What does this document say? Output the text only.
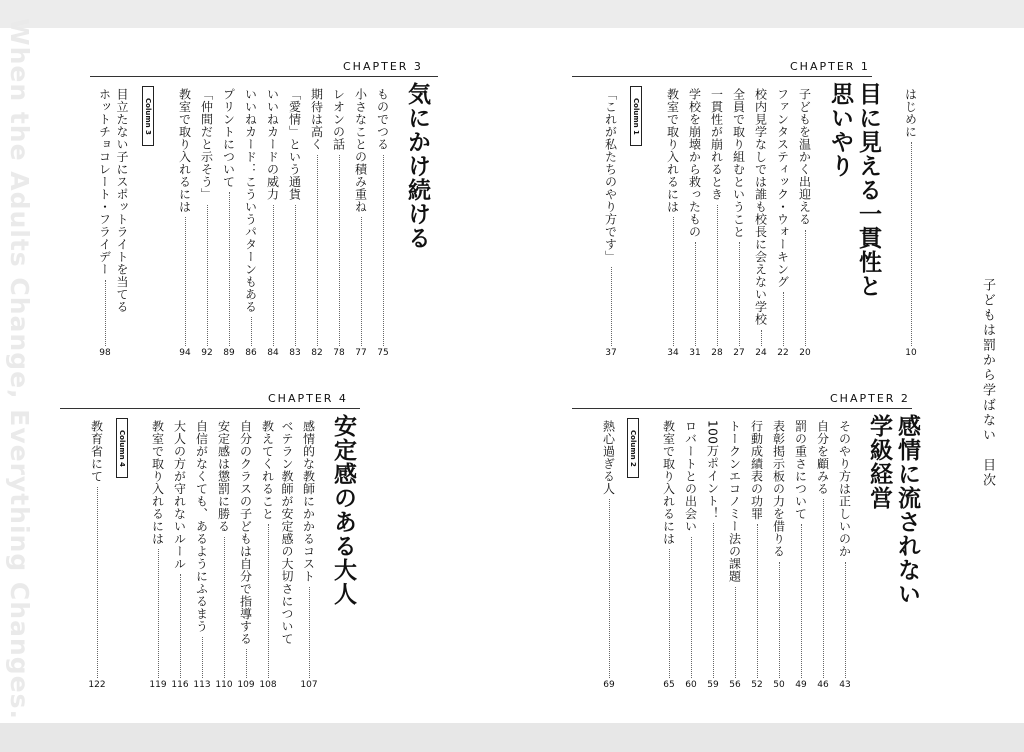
When the Adults Change, Everything Changes.	子どもは罰から学ばない　目次
CHAPTER 1
CHAPTER 3
CHAPTER 2
CHAPTER 4
はじめに
10
目に見える一貫性と
思いやり
子どもを温かく出迎える
20
ファンタスティック・ウォーキング
22
校内見学なしでは誰も校長に会えない学校
24
全員で取り組むということ
27
一貫性が崩れるとき
28
学校を崩壊から救ったもの
31
教室で取り入れるには
34
Column 1
「これが私たちのやり方です」
37
気にかけ続ける
ものでつる
75
小さなことの積み重ね
77
レオンの話
78
期待は高く
82
「愛情」という通貨
83
いいねカードの威力
84
いいねカード：こういうパターンもある
86
プリントについて
89
「仲間だと示そう」
92
教室で取り入れるには
94
Column 3
目立たない子にスポットライトを当てる
ホットチョコレート・フライデー
98
感情に流されない
学級経営
そのやり方は正しいのか
43
自分を顧みる
46
罰の重さについて
49
表彰掲示板の力を借りる
50
行動成績表の功罪
52
トークンエコノミー法の課題
56
100万ポイント！
59
ロバートとの出会い
60
教室で取り入れるには
65
Column 2
熱心過ぎる人
69
安定感のある大人
感情的な教師にかかるコスト
107
ベテラン教師が安定感の大切さについて
教えてくれること
108
自分のクラスの子どもは自分で指導する
109
安定感は懲罰に勝る
110
自信がなくても、あるようにふるまう
113
大人の方が守れないルール
116
教室で取り入れるには
119
Column 4
教育省にて
122
